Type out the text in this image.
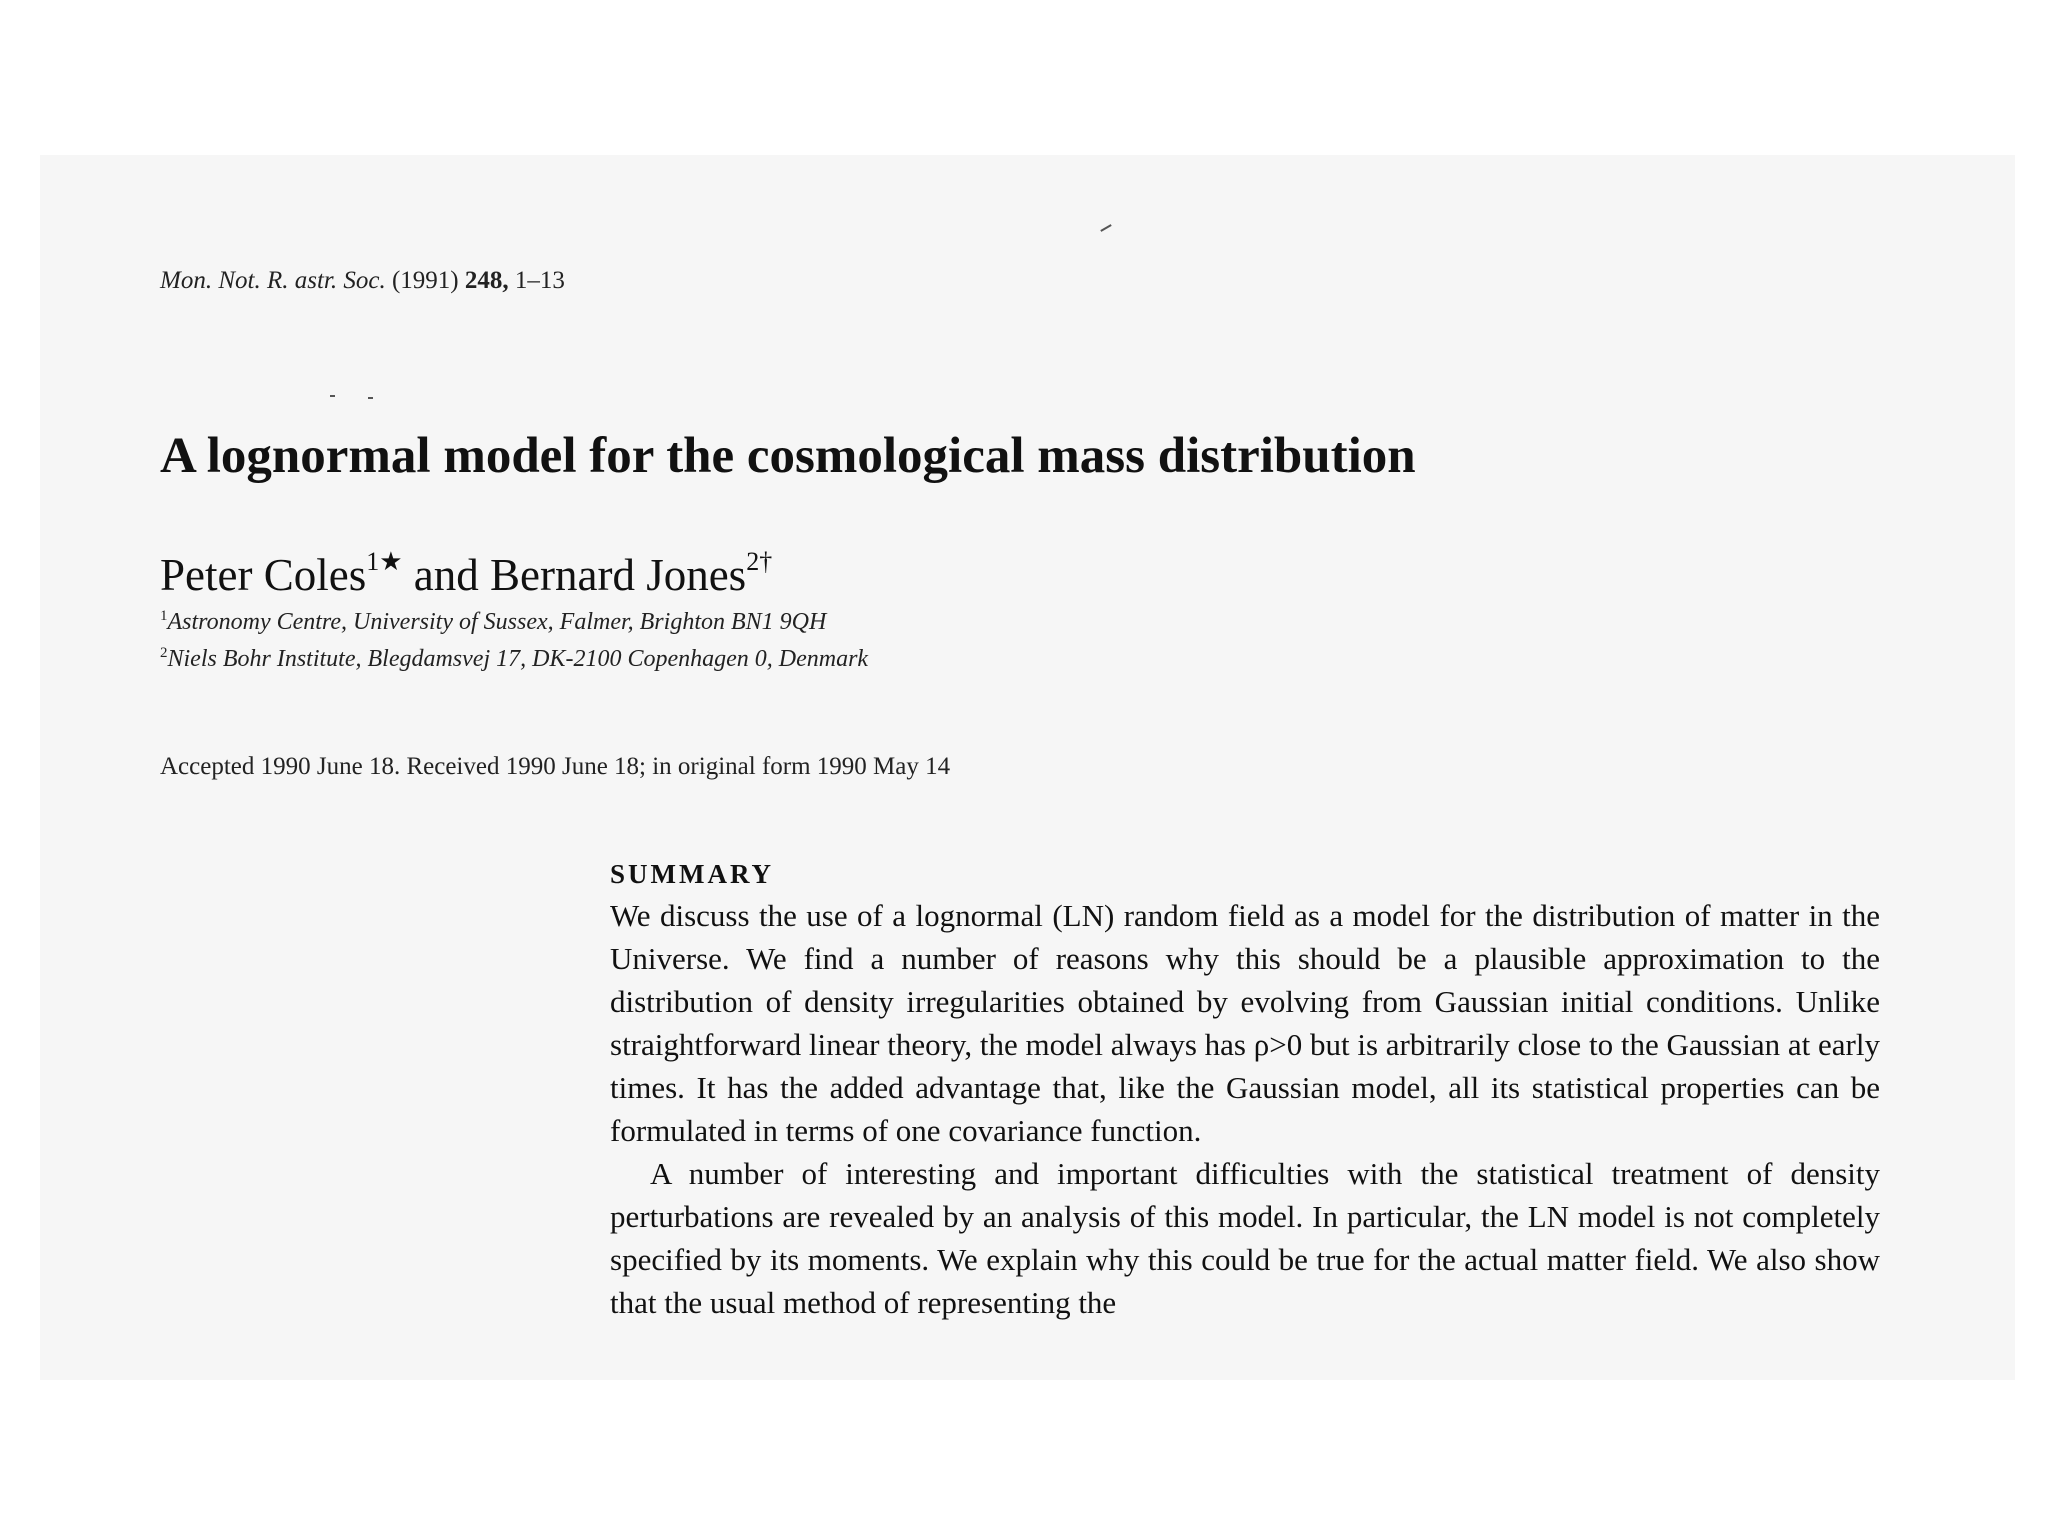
Mon. Not. R. astr. Soc. (1991) 248, 1–13
A lognormal model for the cosmological mass distribution
Peter Coles$^{1★}$ and Bernard Jones$^{2\dagger}$
$^1$Astronomy Centre, University of Sussex, Falmer, Brighton BN1 9QH
$^2$Niels Bohr Institute, Blegdamsvej 17, DK-2100 Copenhagen 0, Denmark
Accepted 1990 June 18. Received 1990 June 18; in original form 1990 May 14
SUMMARY

We discuss the use of a lognormal (LN) random field as a model for the distribution of matter in the Universe. We find a number of reasons why this should be a plausible approximation to the distribution of density irregularities obtained by evolving from Gaussian initial conditions. Unlike straightforward linear theory, the model always has ρ>0 but is arbitrarily close to the Gaussian at early times. It has the added advantage that, like the Gaussian model, all its statistical properties can be formulated in terms of one covariance function.

A number of interesting and important difficulties with the statistical treatment of density perturbations are revealed by an analysis of this model. In particular, the LN model is not completely specified by its moments. We explain why this could be true for the actual matter field. We also show that the usual method of representing the
